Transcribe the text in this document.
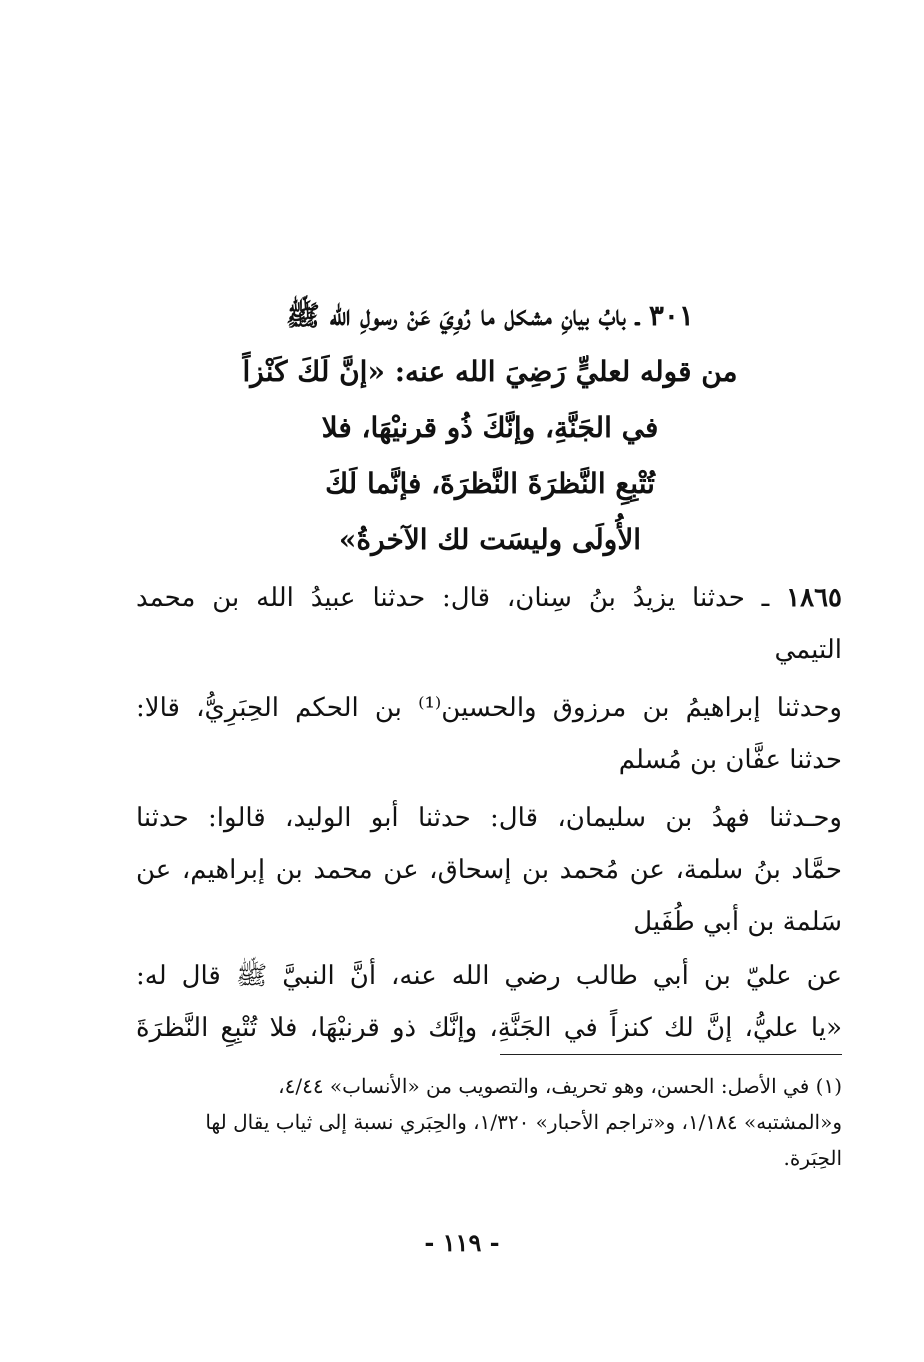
٣٠١ ـ بابُ بيانِ مشكل ما رُوِيَ عَنْ رسولِ الله ﷺ
من قوله لعليٍّ رَضِيَ الله عنه: «إنَّ لَكَ كَنْزاً
في الجَنَّةِ، وإنَّكَ ذُو قرنيْهَا، فلا
تُتْبِعِ النَّظرَةَ النَّظرَةَ، فإنَّما لَكَ
الأُولَى وليسَت لك الآخرةُ»
١٨٦٥ ـ حدثنا يزيدُ بنُ سِنان، قال: حدثنا عبيدُ الله بن محمد
التيمي
وحدثنا إبراهيمُ بن مرزوق والحسين⁽¹⁾ بن الحكم الحِبَرِيُّ، قالا:
حدثنا عفَّان بن مُسلم
وحـدثنا فهدُ بن سليمان، قال: حدثنا أبو الوليد، قالوا: حدثنا
حمَّاد بنُ سلمة، عن مُحمد بن إسحاق، عن محمد بن إبراهيم، عن
سَلمة بن أبي طُفَيل
عن عليّ بن أبي طالب رضي الله عنه، أنَّ النبيَّ ﷺ قال له:
«يا عليُّ، إنَّ لك كنزاً في الجَنَّةِ، وإنَّك ذو قرنيْهَا، فلا تُتْبِعِ النَّظرَةَ
(١) في الأصل: الحسن، وهو تحريف، والتصويب من «الأنساب» ٤/٤٤،
و«المشتبه» ١/١٨٤، و«تراجم الأحبار» ١/٣٢٠، والحِبَري نسبة إلى ثياب يقال لها
الحِبَرة.
- ١١٩ -
